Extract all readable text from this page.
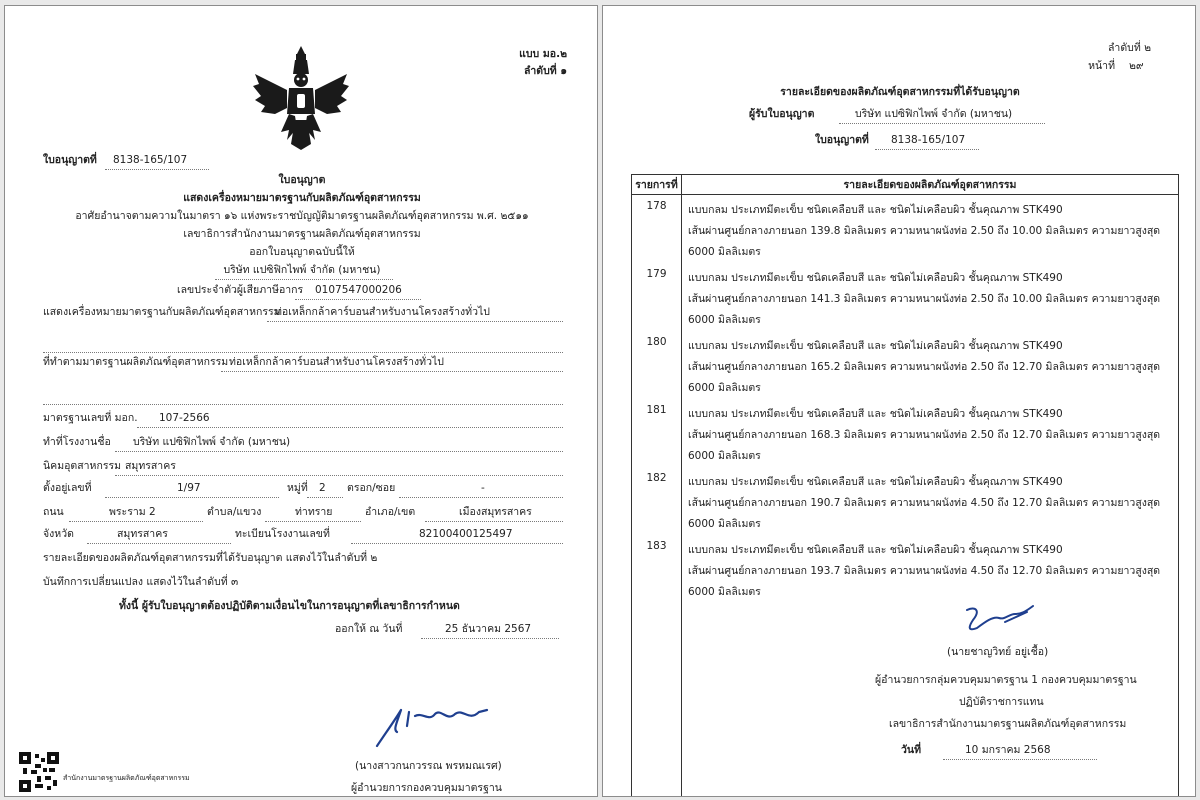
แบบ มอ.๒
ลำดับที่ ๑
ใบอนุญาตที่ 8138-165/107
ใบอนุญาต
แสดงเครื่องหมายมาตรฐานกับผลิตภัณฑ์อุตสาหกรรม
อาศัยอำนาจตามความในมาตรา ๑๖ แห่งพระราชบัญญัติมาตรฐานผลิตภัณฑ์อุตสาหกรรม พ.ศ. ๒๕๑๑
เลขาธิการสำนักงานมาตรฐานผลิตภัณฑ์อุตสาหกรรม
ออกใบอนุญาตฉบับนี้ให้
บริษัท แปซิฟิกไพพ์ จำกัด (มหาชน)
เลขประจำตัวผู้เสียภาษีอากร 0107547000206
แสดงเครื่องหมายมาตรฐานกับผลิตภัณฑ์อุตสาหกรรม
ท่อเหล็กกล้าคาร์บอนสำหรับงานโครงสร้างทั่วไป
ที่ทำตามมาตรฐานผลิตภัณฑ์อุตสาหกรรม ท่อเหล็กกล้าคาร์บอนสำหรับงานโครงสร้างทั่วไป
มาตรฐานเลขที่ มอก. 107-2566
ทำที่โรงงานชื่อ บริษัท แปซิฟิกไพพ์ จำกัด (มหาชน)
นิคมอุตสาหกรรม สมุทรสาคร
ตั้งอยู่เลขที่	1/97	หมู่ที่ 2 ตรอก/ซอย	-
ถนน	พระราม 2	ตำบล/แขวง	ท่าทราย	อำเภอ/เขต	เมืองสมุทรสาคร
จังหวัด	สมุทรสาคร	ทะเบียนโรงงานเลขที่	82100400125497
รายละเอียดของผลิตภัณฑ์อุตสาหกรรมที่ได้รับอนุญาต แสดงไว้ในลำดับที่ ๒
บันทึกการเปลี่ยนแปลง แสดงไว้ในลำดับที่ ๓
ทั้งนี้ ผู้รับใบอนุญาตต้องปฏิบัติตามเงื่อนไขในการอนุญาตที่เลขาธิการกำหนด
ออกให้ ณ วันที่	25 ธันวาคม 2567
(นางสาวกนกวรรณ พรหมณเรศ)
ผู้อำนวยการกองควบคุมมาตรฐาน
สำนักงานมาตรฐานผลิตภัณฑ์อุตสาหกรรม
ลำดับที่ ๒
หน้าที่ ๒๙
รายละเอียดของผลิตภัณฑ์อุตสาหกรรมที่ได้รับอนุญาต
ผู้รับใบอนุญาต	บริษัท แปซิฟิกไพพ์ จำกัด (มหาชน)
ใบอนุญาตที่ 8138-165/107
รายการที่	รายละเอียดของผลิตภัณฑ์อุตสาหกรรม
178	แบบกลม ประเภทมีตะเข็บ ชนิดเคลือบสี และ ชนิดไม่เคลือบผิว ชั้นคุณภาพ STK490
เส้นผ่านศูนย์กลางภายนอก 139.8 มิลลิเมตร ความหนาผนังท่อ 2.50 ถึง 10.00 มิลลิเมตร ความยาวสูงสุด
6000 มิลลิเมตร

179	แบบกลม ประเภทมีตะเข็บ ชนิดเคลือบสี และ ชนิดไม่เคลือบผิว ชั้นคุณภาพ STK490
เส้นผ่านศูนย์กลางภายนอก 141.3 มิลลิเมตร ความหนาผนังท่อ 2.50 ถึง 10.00 มิลลิเมตร ความยาวสูงสุด
6000 มิลลิเมตร

180	แบบกลม ประเภทมีตะเข็บ ชนิดเคลือบสี และ ชนิดไม่เคลือบผิว ชั้นคุณภาพ STK490
เส้นผ่านศูนย์กลางภายนอก 165.2 มิลลิเมตร ความหนาผนังท่อ 2.50 ถึง 12.70 มิลลิเมตร ความยาวสูงสุด
6000 มิลลิเมตร

181	แบบกลม ประเภทมีตะเข็บ ชนิดเคลือบสี และ ชนิดไม่เคลือบผิว ชั้นคุณภาพ STK490
เส้นผ่านศูนย์กลางภายนอก 168.3 มิลลิเมตร ความหนาผนังท่อ 2.50 ถึง 12.70 มิลลิเมตร ความยาวสูงสุด
6000 มิลลิเมตร

182	แบบกลม ประเภทมีตะเข็บ ชนิดเคลือบสี และ ชนิดไม่เคลือบผิว ชั้นคุณภาพ STK490
เส้นผ่านศูนย์กลางภายนอก 190.7 มิลลิเมตร ความหนาผนังท่อ 4.50 ถึง 12.70 มิลลิเมตร ความยาวสูงสุด
6000 มิลลิเมตร

183	แบบกลม ประเภทมีตะเข็บ ชนิดเคลือบสี และ ชนิดไม่เคลือบผิว ชั้นคุณภาพ STK490
เส้นผ่านศูนย์กลางภายนอก 193.7 มิลลิเมตร ความหนาผนังท่อ 4.50 ถึง 12.70 มิลลิเมตร ความยาวสูงสุด
6000 มิลลิเมตร

(นายชาญวิทย์ อยู่เชื้อ)
ผู้อำนวยการกลุ่มควบคุมมาตรฐาน 1 กองควบคุมมาตรฐาน
ปฏิบัติราชการแทน
เลขาธิการสำนักงานมาตรฐานผลิตภัณฑ์อุตสาหกรรม
วันที่	10 มกราคม 2568
